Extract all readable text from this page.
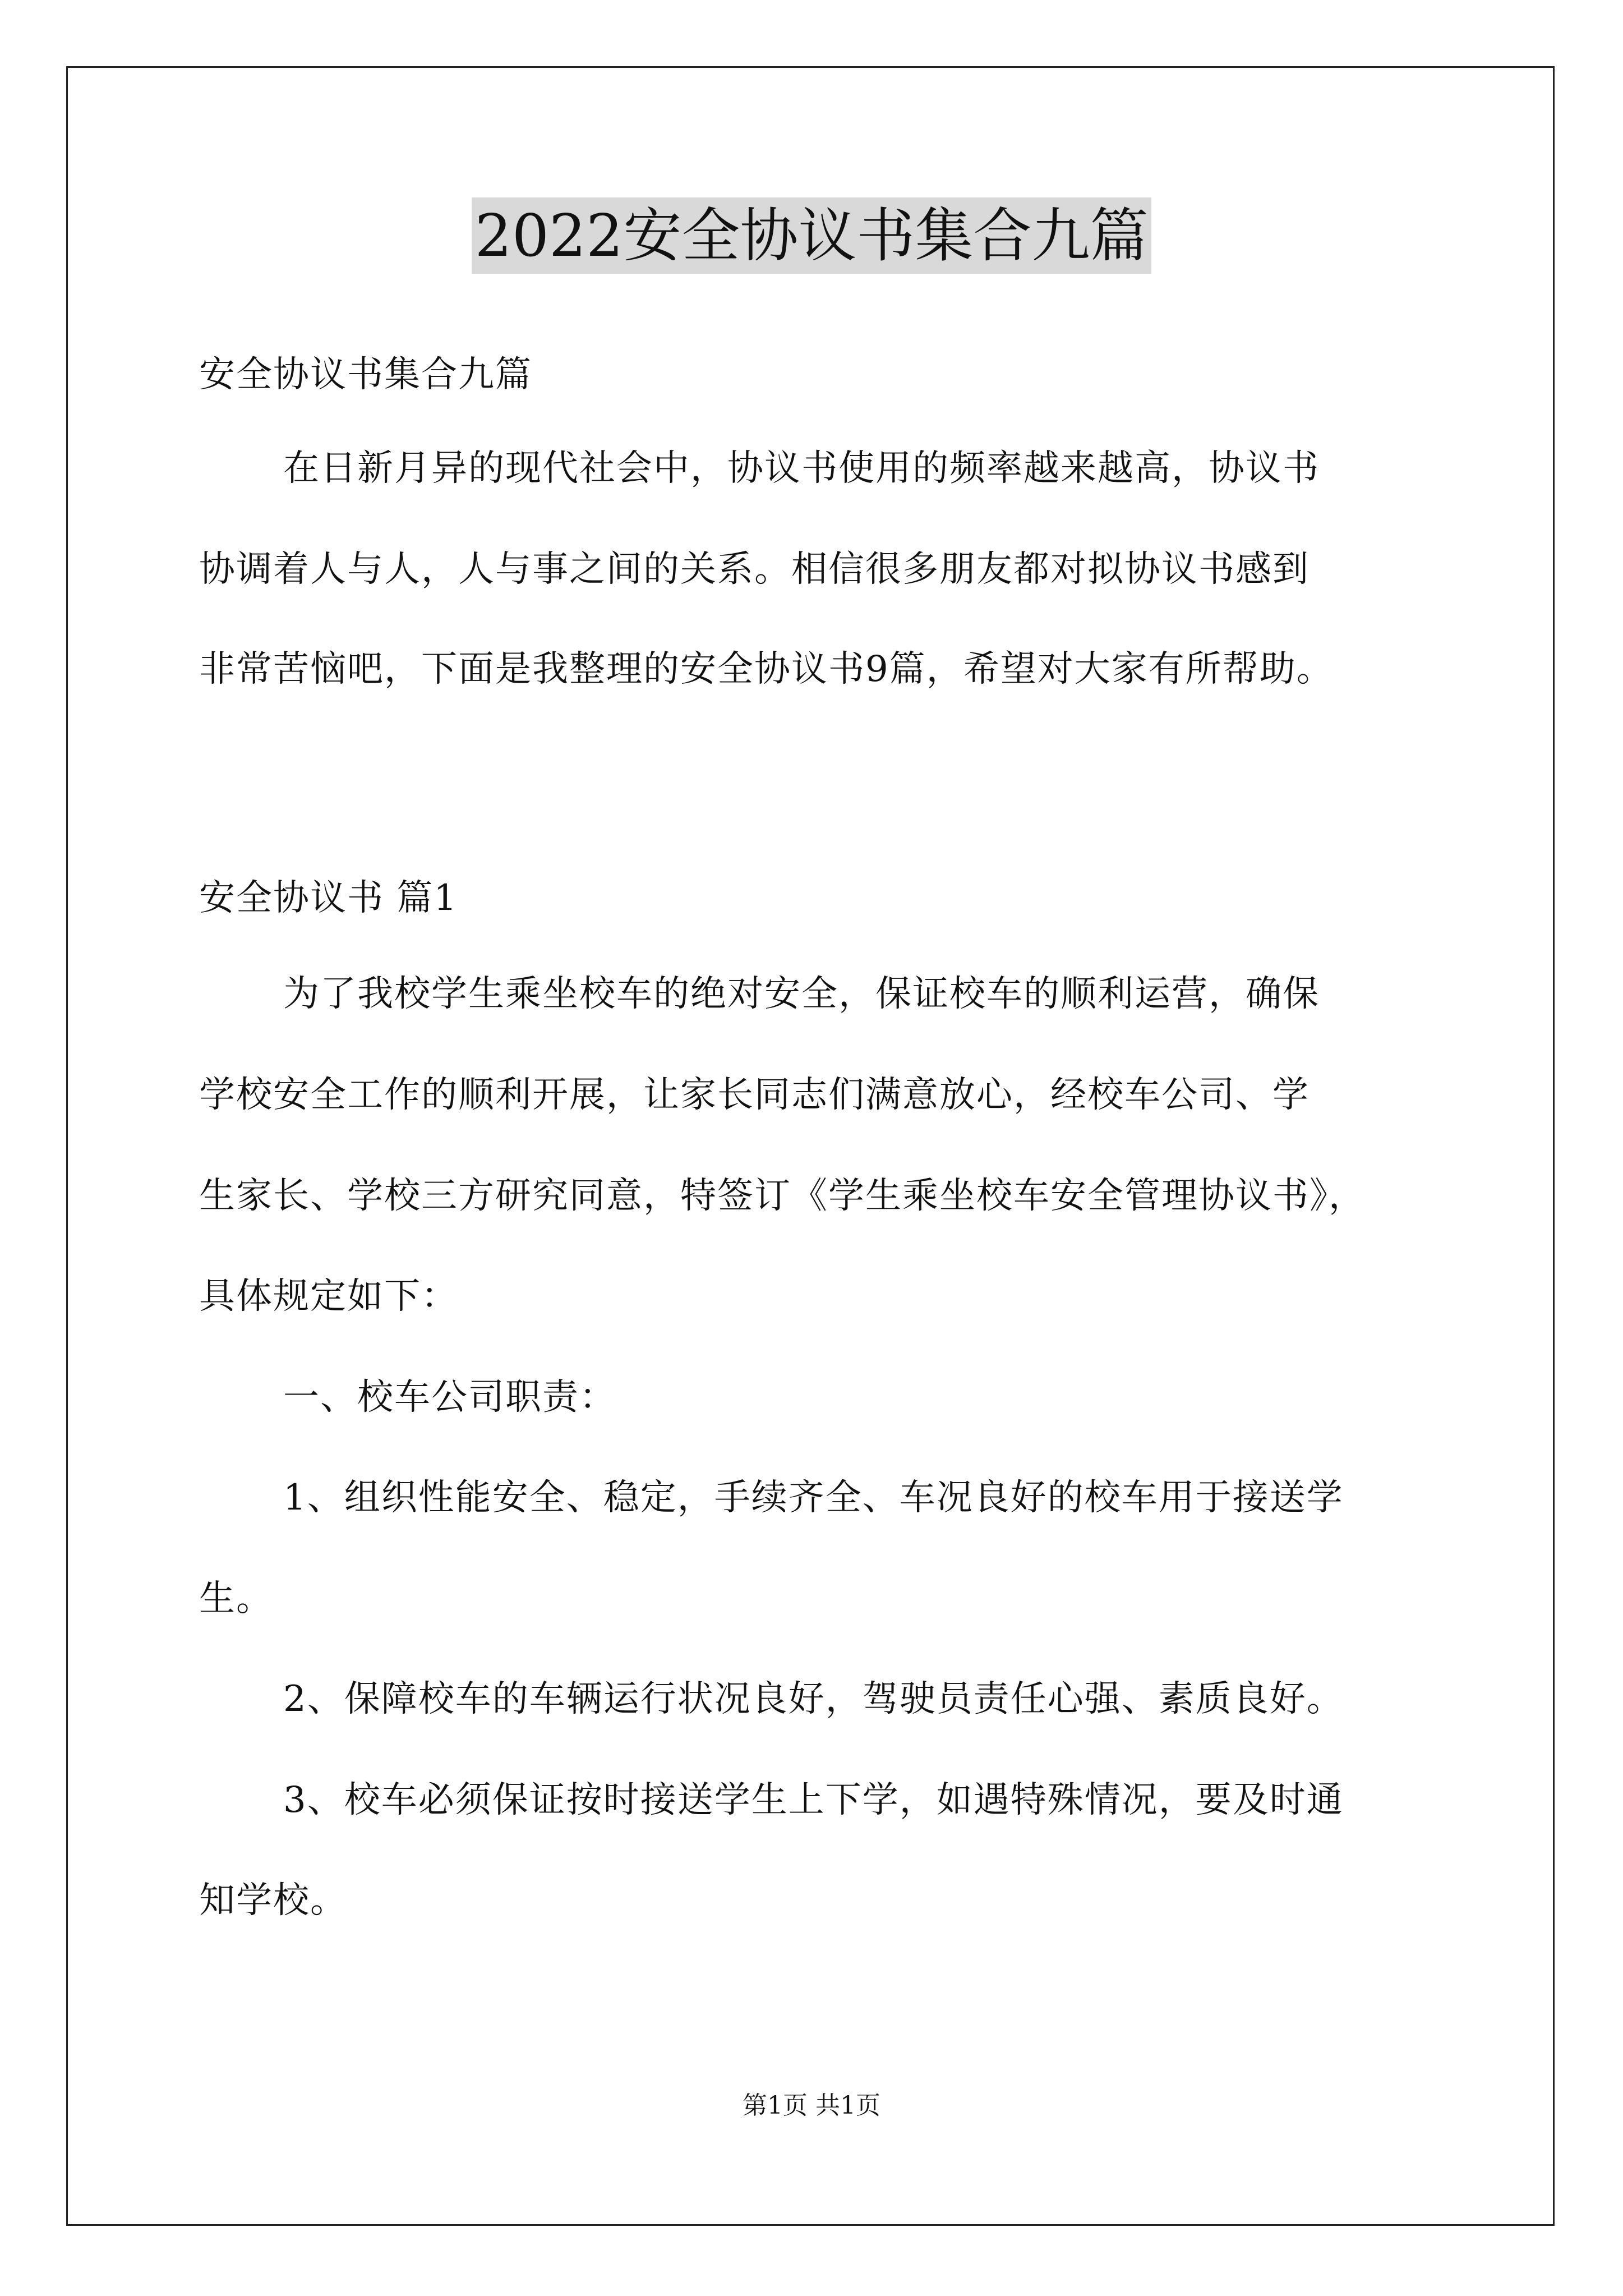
2022安全协议书集合九篇
安全协议书集合九篇
在日新月异的现代社会中，协议书使用的频率越来越高，协议书
协调着人与人，人与事之间的关系。相信很多朋友都对拟协议书感到
非常苦恼吧，下面是我整理的安全协议书9篇，希望对大家有所帮助。
安全协议书 篇1
为了我校学生乘坐校车的绝对安全，保证校车的顺利运营，确保
学校安全工作的顺利开展，让家长同志们满意放心，经校车公司、学
生家长、学校三方研究同意，特签订《学生乘坐校车安全管理协议书》，
具体规定如下：
一、校车公司职责：
1、组织性能安全、稳定，手续齐全、车况良好的校车用于接送学
生。
2、保障校车的车辆运行状况良好，驾驶员责任心强、素质良好。
3、校车必须保证按时接送学生上下学，如遇特殊情况，要及时通
知学校。
第1页 共1页
